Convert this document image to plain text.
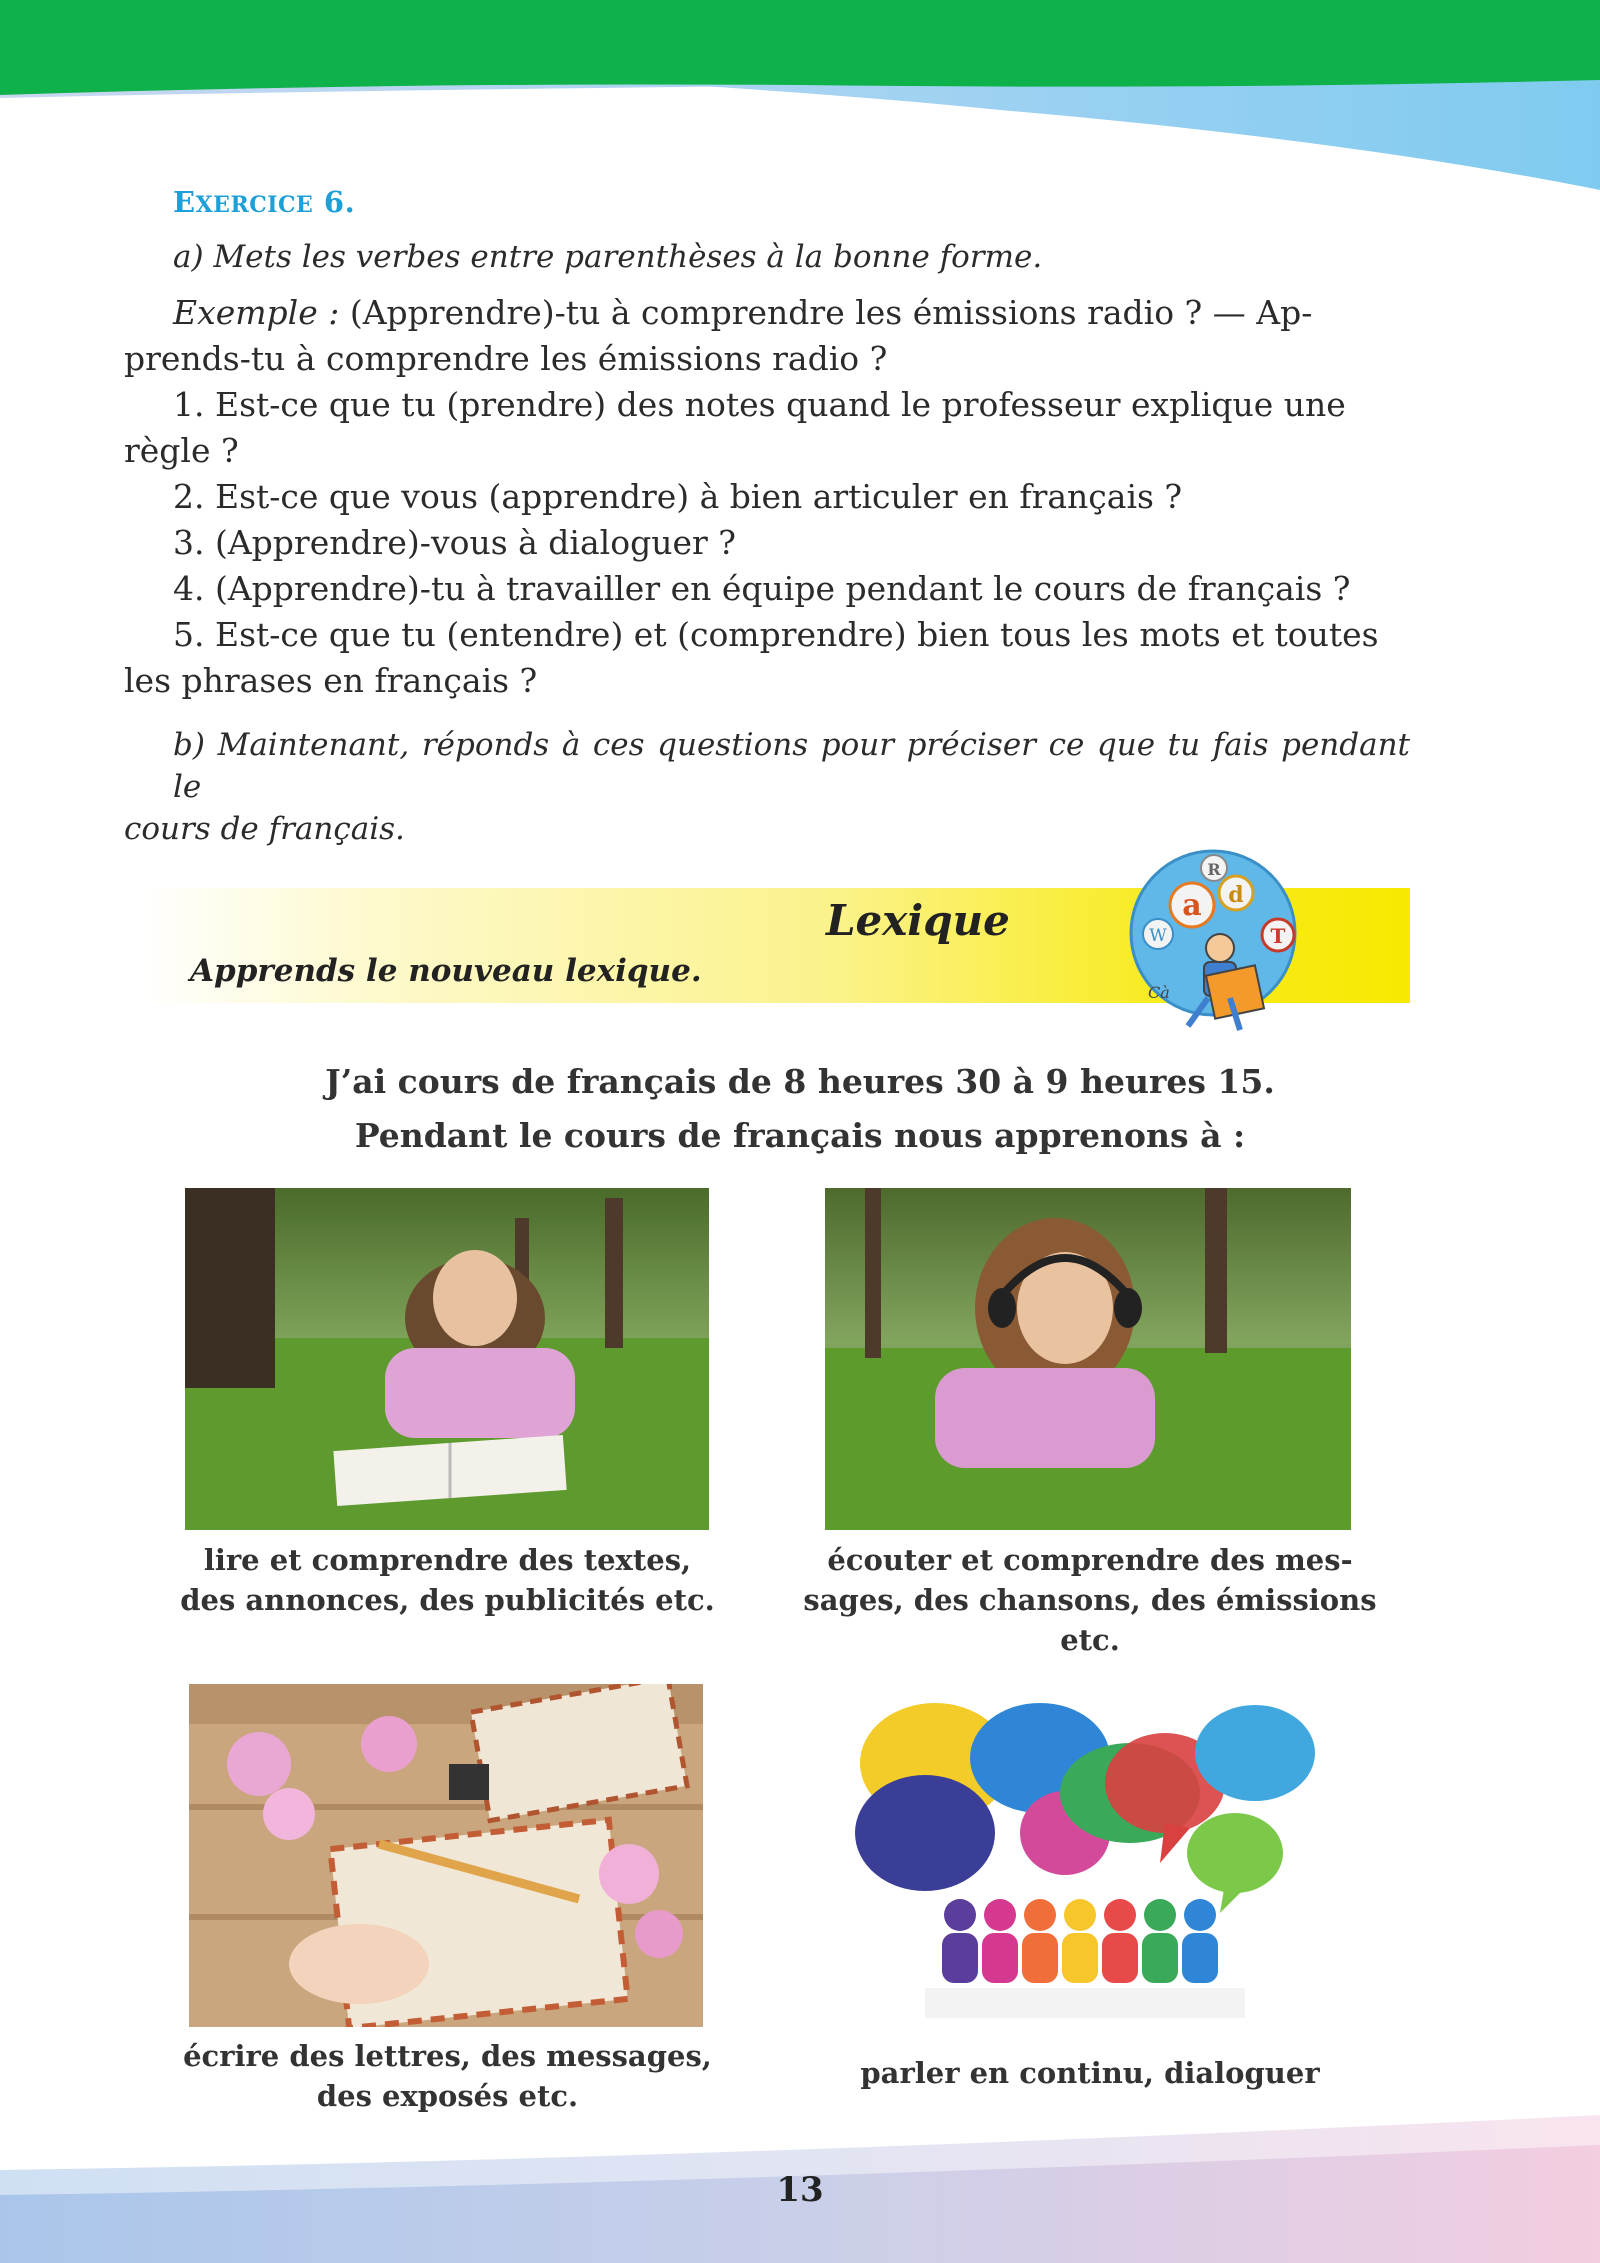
EXERCICE 6.

a) Mets les verbes entre parenthèses à la bonne forme.

Exemple : (Apprendre)-tu à comprendre les émissions radio ? — Ap-

prends-tu à comprendre les émissions radio ?

1. Est-ce que tu (prendre) des notes quand le professeur explique une

règle ?

2. Est-ce que vous (apprendre) à bien articuler en français ?

3. (Apprendre)-vous à dialoguer ?

4. (Apprendre)-tu à travailler en équipe pendant le cours de français ?

5. Est-ce que tu (entendre) et (comprendre) bien tous les mots et toutes

les phrases en français ?

b) Maintenant, réponds à ces questions pour préciser ce que tu fais pendant le

cours de français.

Lexique
Apprends le nouveau lexique.
a d
T
W
R
Cà
J’ai cours de français de 8 heures 30 à 9 heures 15.
Pendant le cours de français nous apprenons à :
lire et comprendre des textes,
des annonces, des publicités etc.
écouter et comprendre des mes-
sages, des chansons, des émissions
etc.
écrire des lettres, des messages,
des exposés etc.
parler en continu, dialoguer
13
